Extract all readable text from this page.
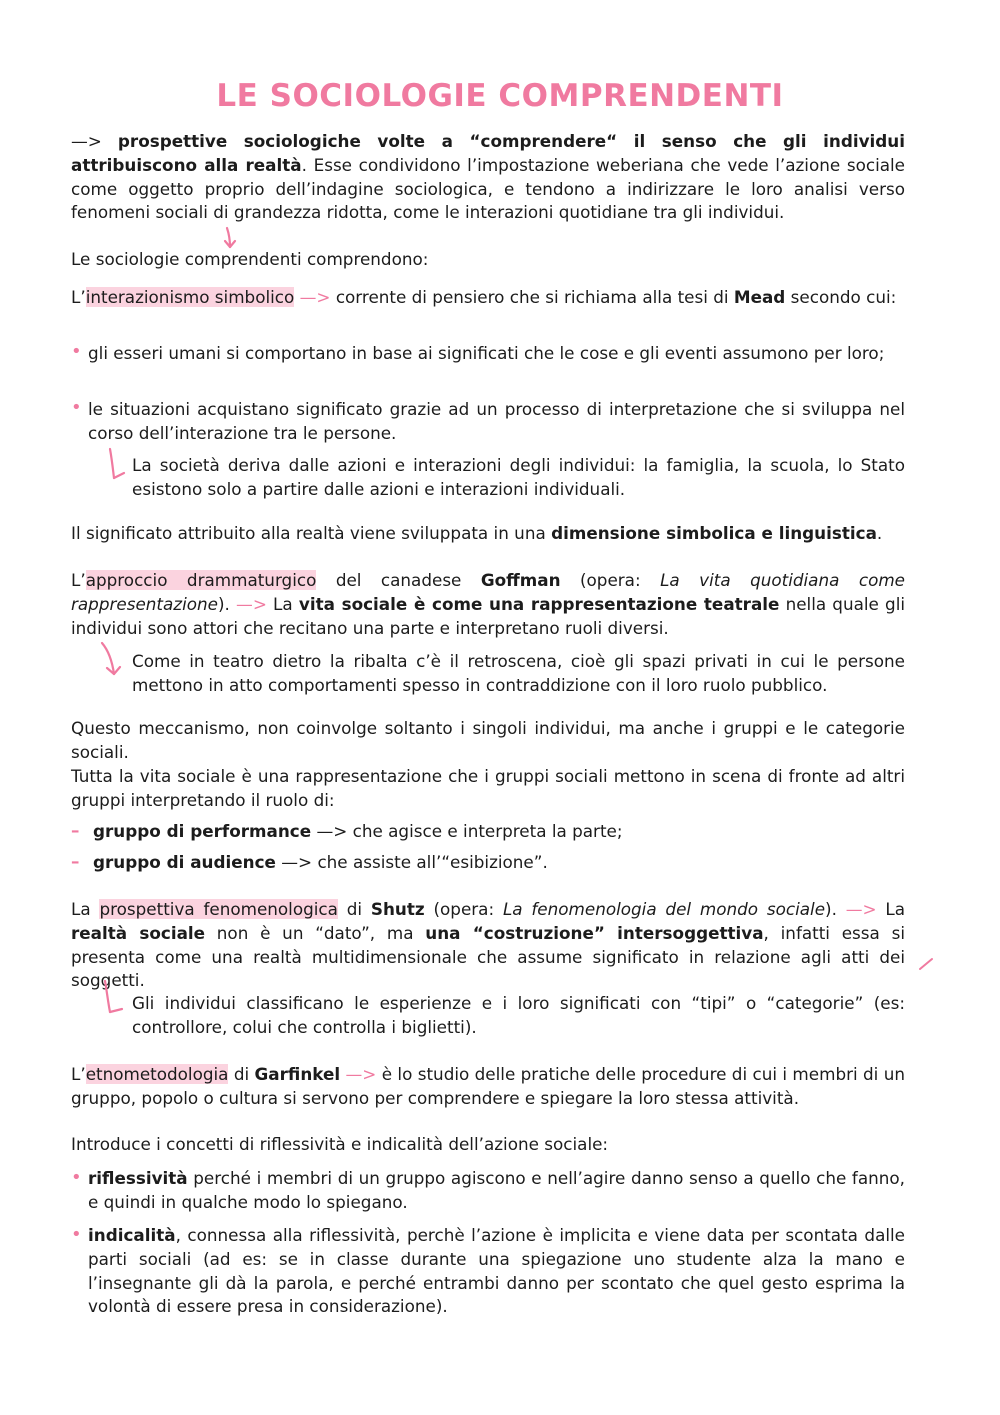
LE SOCIOLOGIE COMPRENDENTI
—> prospettive sociologiche volte a “comprendere“ il senso che gli individui attribuiscono alla realtà. Esse condividono l’impostazione weberiana che vede l’azione sociale come oggetto proprio dell’indagine sociologica, e tendono a indirizzare le loro analisi verso fenomeni sociali di grandezza ridotta, come le interazioni quotidiane tra gli individui.
Le sociologie comprendenti comprendono:
L’interazionismo simbolico —> corrente di pensiero che si richiama alla tesi di Mead secondo cui:
• gli esseri umani si comportano in base ai significati che le cose e gli eventi assumono per loro;
• le situazioni acquistano significato grazie ad un processo di interpretazione che si sviluppa nel corso dell’interazione tra le persone.
La società deriva dalle azioni e interazioni degli individui: la famiglia, la scuola, lo Stato esistono solo a partire dalle azioni e interazioni individuali.
Il significato attribuito alla realtà viene sviluppata in una dimensione simbolica e linguistica.
L’approccio drammaturgico del canadese Goffman (opera: La vita quotidiana come rappresentazione). —> La vita sociale è come una rappresentazione teatrale nella quale gli individui sono attori che recitano una parte e interpretano ruoli diversi.
Come in teatro dietro la ribalta c’è il retroscena, cioè gli spazi privati in cui le persone mettono in atto comportamenti spesso in contraddizione con il loro ruolo pubblico.
Questo meccanismo, non coinvolge soltanto i singoli individui, ma anche i gruppi e le categorie sociali.
Tutta la vita sociale è una rappresentazione che i gruppi sociali mettono in scena di fronte ad altri gruppi interpretando il ruolo di:
– gruppo di performance —> che agisce e interpreta la parte;
– gruppo di audience —> che assiste all’“esibizione”.
La prospettiva fenomenologica di Shutz (opera: La fenomenologia del mondo sociale). —> La realtà sociale non è un “dato”, ma una “costruzione” intersoggettiva, infatti essa si presenta come una realtà multidimensionale che assume significato in relazione agli atti dei soggetti.
Gli individui classificano le esperienze e i loro significati con “tipi” o “categorie” (es: controllore, colui che controlla i biglietti).
L’etnometodologia di Garfinkel —> è lo studio delle pratiche delle procedure di cui i membri di un gruppo, popolo o cultura si servono per comprendere e spiegare la loro stessa attività.
Introduce i concetti di riflessività e indicalità dell’azione sociale:
• riflessività perché i membri di un gruppo agiscono e nell’agire danno senso a quello che fanno, e quindi in qualche modo lo spiegano.
• indicalità, connessa alla riflessività, perchè l’azione è implicita e viene data per scontata dalle parti sociali (ad es: se in classe durante una spiegazione uno studente alza la mano e l’insegnante gli dà la parola, e perché entrambi danno per scontato che quel gesto esprima la volontà di essere presa in considerazione).
